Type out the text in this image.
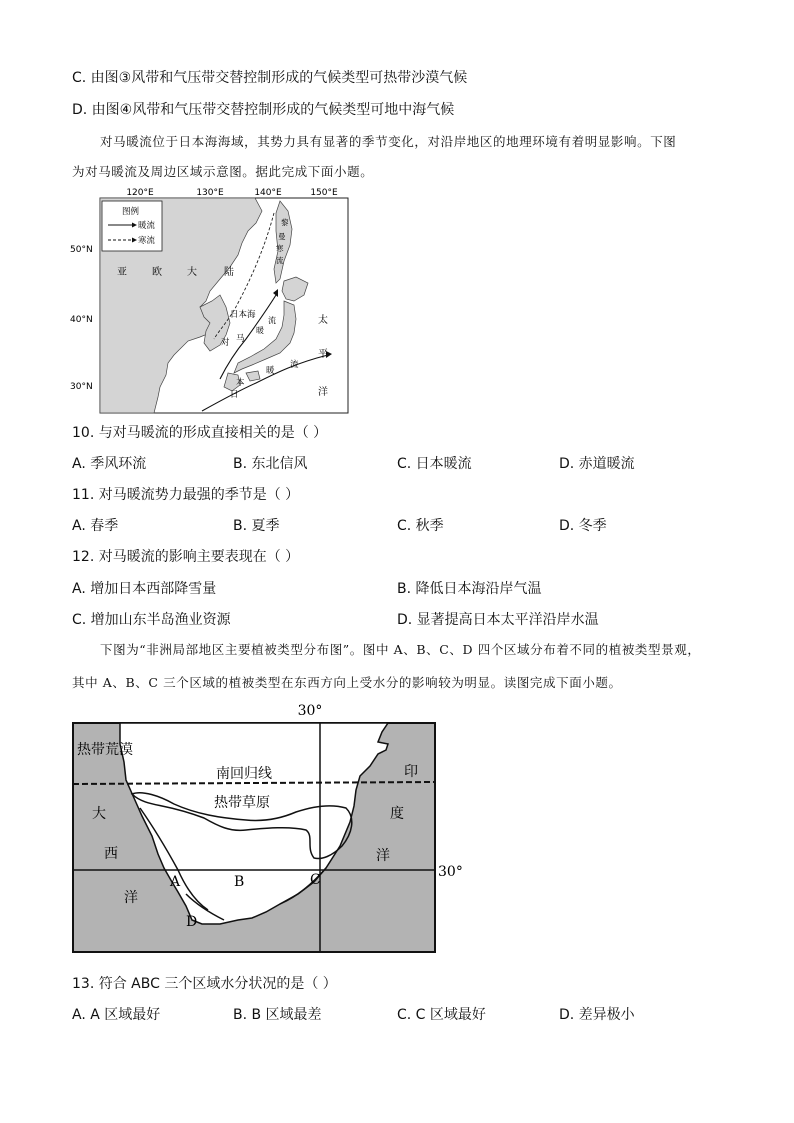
C. 由图③风带和气压带交替控制形成的气候类型可热带沙漠气候
D. 由图④风带和气压带交替控制形成的气候类型可地中海气候
对马暖流位于日本海海域，其势力具有显著的季节变化，对沿岸地区的地理环境有着明显影响。下图
为对马暖流及周边区域示意图。据此完成下面小题。
120°E	130°E	140°E	150°E
50°N
40°N
30°N
图例
暖流
寒流
亚	欧	大	陆
黎
曼
寒
流
日本海
对 马
暖
流
日
本
暖
流
太
平
洋
10. 与对马暖流的形成直接相关的是（ ）
A. 季风环流	B. 东北信风	C. 日本暖流	D. 赤道暖流
11. 对马暖流势力最强的季节是（ ）
A. 春季	B. 夏季	C. 秋季	D. 冬季
12. 对马暖流的影响主要表现在（ ）
A. 增加日本西部降雪量	B. 降低日本海沿岸气温
C. 增加山东半岛渔业资源	D. 显著提高日本太平洋沿岸水温
下图为“非洲局部地区主要植被类型分布图”。图中 A、B、C、D 四个区域分布着不同的植被类型景观，
其中 A、B、C 三个区域的植被类型在东西方向上受水分的影响较为明显。读图完成下面小题。
30°
热带荒漠
南回归线
热带草原
30°
大
西
洋
印
度
洋
A	B	C
D
13. 符合 ABC 三个区域水分状况的是（ ）
A. A 区域最好	B. B 区域最差	C. C 区域最好	D. 差异极小
